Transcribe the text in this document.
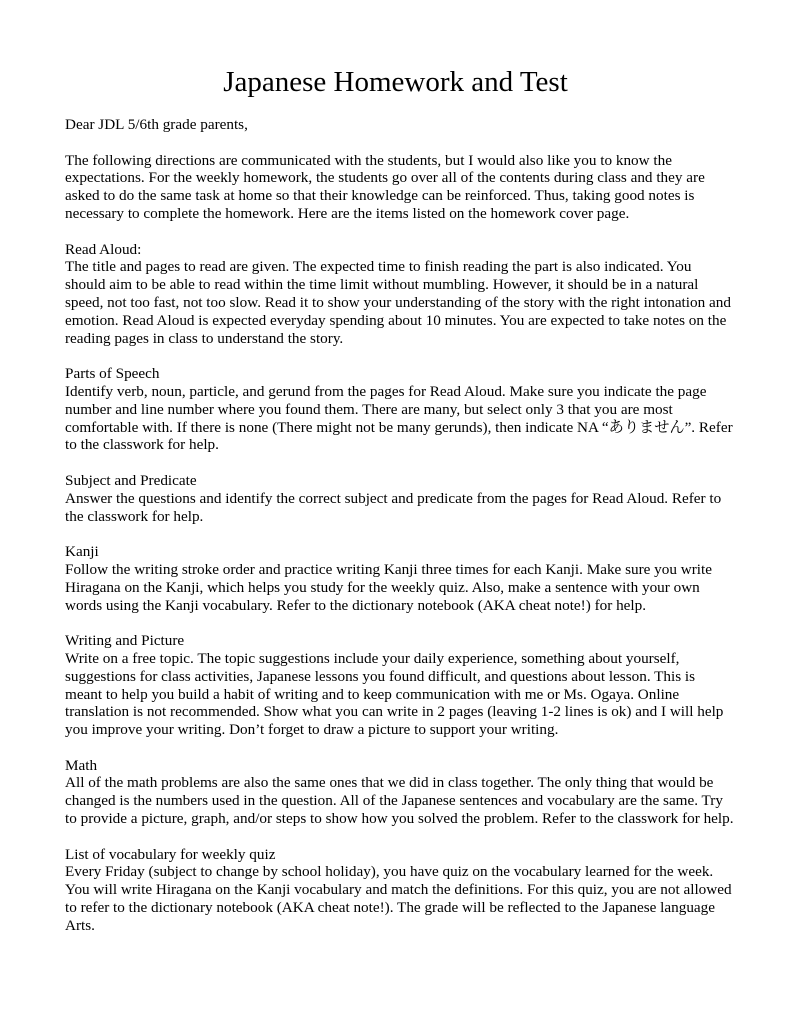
Japanese Homework and Test

Dear JDL 5/6th grade parents,

The following directions are communicated with the students, but I would also like you to know the expectations. For the weekly homework, the students go over all of the contents during class and they are asked to do the same task at home so that their knowledge can be reinforced. Thus, taking good notes is necessary to complete the homework. Here are the items listed on the homework cover page.

Read Aloud:

The title and pages to read are given. The expected time to finish reading the part is also indicated. You should aim to be able to read within the time limit without mumbling. However, it should be in a natural speed, not too fast, not too slow. Read it to show your understanding of the story with the right intonation and emotion. Read Aloud is expected everyday spending about 10 minutes. You are expected to take notes on the reading pages in class to understand the story.

Parts of Speech

Identify verb, noun, particle, and gerund from the pages for Read Aloud. Make sure you indicate the page number and line number where you found them. There are many, but select only 3 that you are most comfortable with. If there is none (There might not be many gerunds), then indicate NA “ありません”. Refer to the classwork for help.

Subject and Predicate

Answer the questions and identify the correct subject and predicate from the pages for Read Aloud. Refer to the classwork for help.

Kanji

Follow the writing stroke order and practice writing Kanji three times for each Kanji. Make sure you write Hiragana on the Kanji, which helps you study for the weekly quiz. Also, make a sentence with your own words using the Kanji vocabulary. Refer to the dictionary notebook (AKA cheat note!) for help.

Writing and Picture

Write on a free topic. The topic suggestions include your daily experience, something about yourself, suggestions for class activities, Japanese lessons you found difficult, and questions about lesson. This is meant to help you build a habit of writing and to keep communication with me or Ms. Ogaya. Online translation is not recommended. Show what you can write in 2 pages (leaving 1-2 lines is ok) and I will help you improve your writing. Don’t forget to draw a picture to support your writing.

Math

All of the math problems are also the same ones that we did in class together. The only thing that would be changed is the numbers used in the question. All of the Japanese sentences and vocabulary are the same. Try to provide a picture, graph, and/or steps to show how you solved the problem. Refer to the classwork for help.

List of vocabulary for weekly quiz

Every Friday (subject to change by school holiday), you have quiz on the vocabulary learned for the week. You will write Hiragana on the Kanji vocabulary and match the definitions. For this quiz, you are not allowed to refer to the dictionary notebook (AKA cheat note!). The grade will be reflected to the Japanese language Arts.
